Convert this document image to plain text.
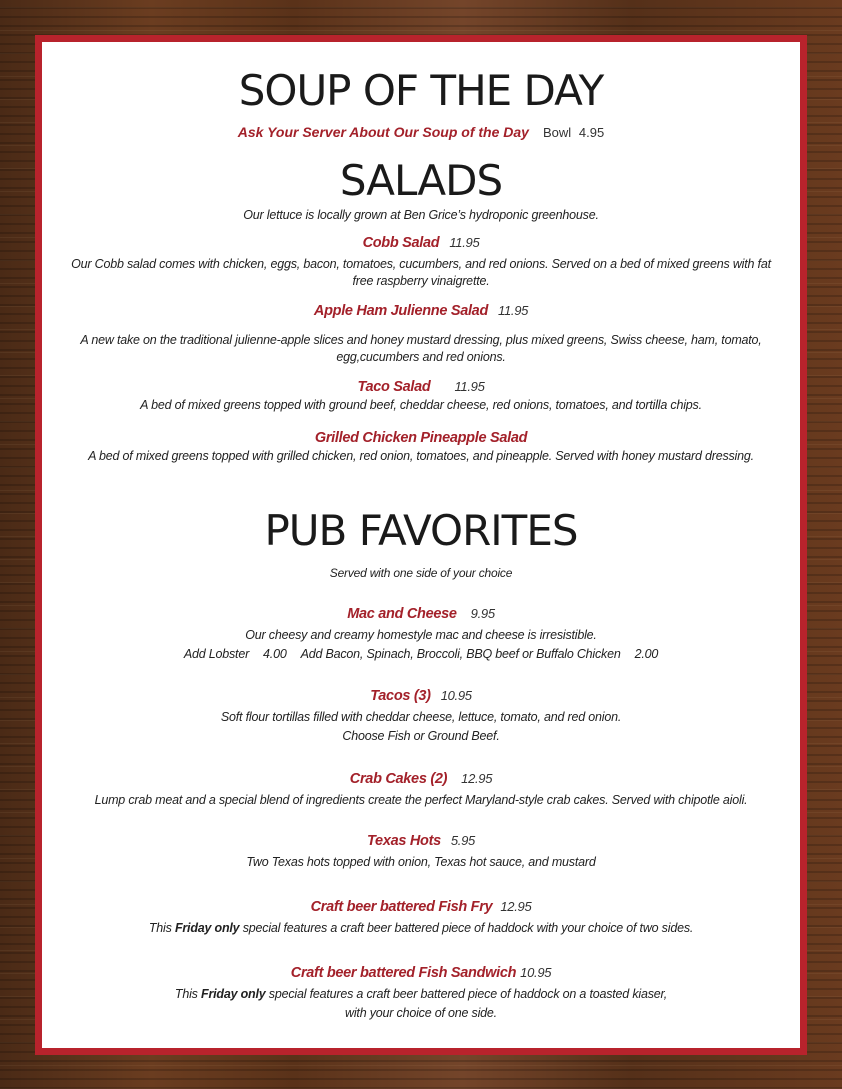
SOUP OF THE DAY
Ask Your Server About Our Soup of the Day Bowl 4.95
SALADS
Our lettuce is locally grown at Ben Grice’s hydroponic greenhouse.
Cobb Salad 11.95
Our Cobb salad comes with chicken, eggs, bacon, tomatoes, cucumbers, and red onions. Served on a bed of mixed greens with fat free raspberry vinaigrette.
Apple Ham Julienne Salad 11.95
A new take on the traditional julienne-apple slices and honey mustard dressing, plus mixed greens, Swiss cheese, ham, tomato, egg,cucumbers and red onions.
Taco Salad 11.95
A bed of mixed greens topped with ground beef, cheddar cheese, red onions, tomatoes, and tortilla chips.
Grilled Chicken Pineapple Salad
A bed of mixed greens topped with grilled chicken, red onion, tomatoes, and pineapple. Served with honey mustard dressing.
PUB FAVORITES
Served with one side of your choice
Mac and Cheese 9.95
Our cheesy and creamy homestyle mac and cheese is irresistible.
Add Lobster 4.00 Add Bacon, Spinach, Broccoli, BBQ beef or Buffalo Chicken 2.00
Tacos (3) 10.95
Soft flour tortillas filled with cheddar cheese, lettuce, tomato, and red onion.
Choose Fish or Ground Beef.
Crab Cakes (2) 12.95
Lump crab meat and a special blend of ingredients create the perfect Maryland-style crab cakes. Served with chipotle aioli.
Texas Hots 5.95
Two Texas hots topped with onion, Texas hot sauce, and mustard
Craft beer battered Fish Fry 12.95
This Friday only special features a craft beer battered piece of haddock with your choice of two sides.
Craft beer battered Fish Sandwich 10.95
This Friday only special features a craft beer battered piece of haddock on a toasted kiaser,
with your choice of one side.
